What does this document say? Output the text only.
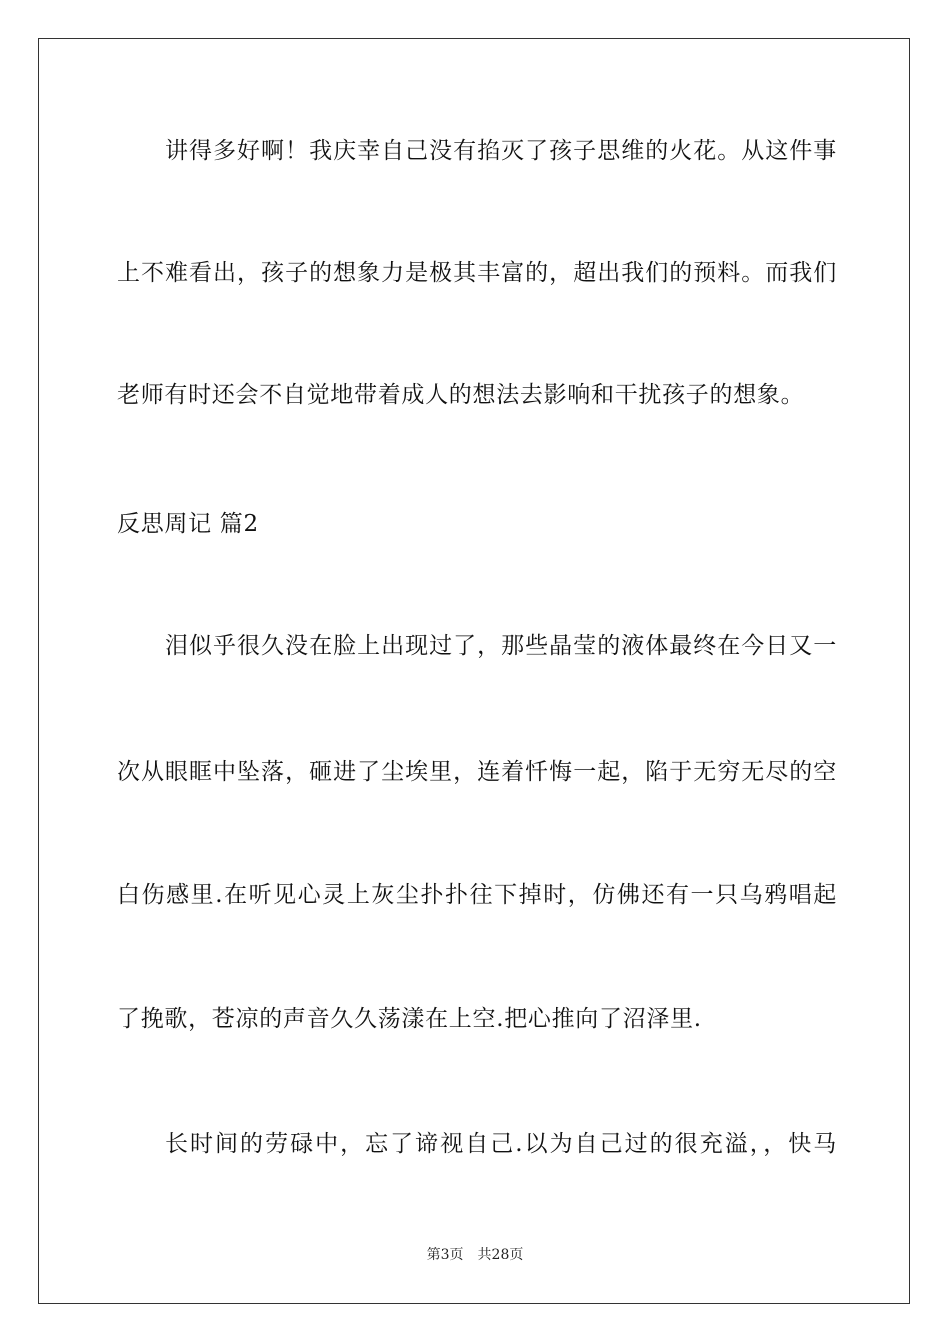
讲得多好啊！我庆幸自己没有掐灭了孩子思维的火花。从这件事
上不难看出，孩子的想象力是极其丰富的，超出我们的预料。而我们
老师有时还会不自觉地带着成人的想法去影响和干扰孩子的想象。
反思周记 篇2
泪似乎很久没在脸上出现过了，那些晶莹的液体最终在今日又一
次从眼眶中坠落，砸进了尘埃里，连着忏悔一起，陷于无穷无尽的空
白伤感里.在听见心灵上灰尘扑扑往下掉时，仿佛还有一只乌鸦唱起
了挽歌，苍凉的声音久久荡漾在上空.把心推向了沼泽里.
长时间的劳碌中，忘了谛视自己.以为自己过的很充溢，，快马
第3页 共28页
